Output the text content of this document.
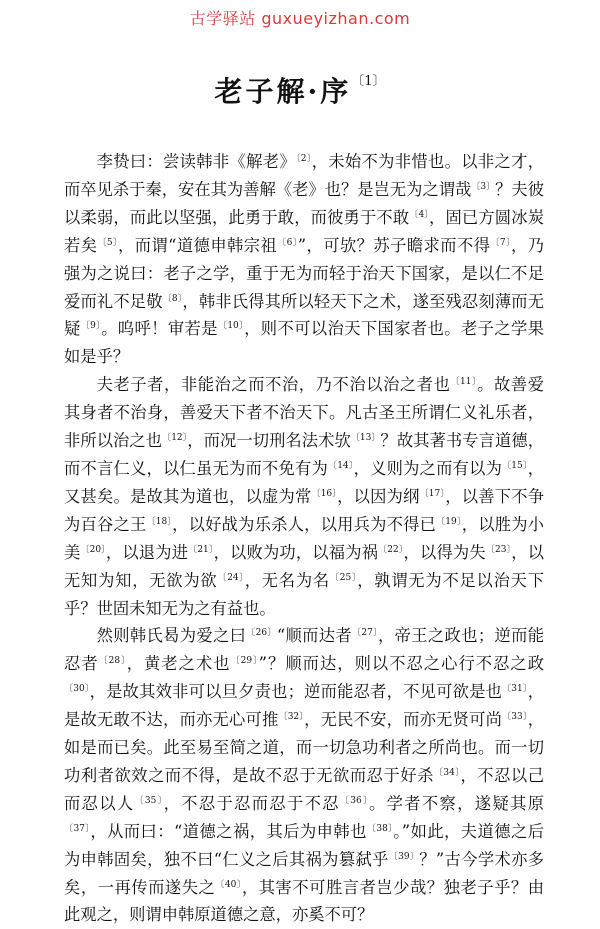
古学驿站 guxueyizhan.com
老子解·序$^{〔1〕}$

李贽曰：尝读韩非《解老》$^{〔2〕}$，未始不为非惜也。以非之才，而卒见杀于秦，安在其为善解《老》也？是岂无为之谓哉$^{〔3〕}$？夫彼以柔弱，而此以坚强，此勇于敢，而彼勇于不敢$^{〔4〕}$，固已方圆冰炭若矣$^{〔5〕}$，而谓“道德申韩宗祖$^{〔6〕}$”，可欤？苏子瞻求而不得$^{〔7〕}$，乃强为之说曰：老子之学，重于无为而轻于治天下国家，是以仁不足爱而礼不足敬$^{〔8〕}$，韩非氏得其所以轻天下之术，遂至残忍刻薄而无疑$^{〔9〕}$。呜呼！审若是$^{〔10〕}$，则不可以治天下国家者也。老子之学果如是乎？

夫老子者，非能治之而不治，乃不治以治之者也$^{〔11〕}$。故善爱其身者不治身，善爱天下者不治天下。凡古圣王所谓仁义礼乐者，非所以治之也$^{〔12〕}$，而况一切刑名法术欤$^{〔13〕}$？故其著书专言道德，而不言仁义，以仁虽无为而不免有为$^{〔14〕}$，义则为之而有以为$^{〔15〕}$，又甚矣。是故其为道也，以虚为常$^{〔16〕}$，以因为纲$^{〔17〕}$，以善下不争为百谷之王$^{〔18〕}$，以好战为乐杀人，以用兵为不得已$^{〔19〕}$，以胜为小美$^{〔20〕}$，以退为进$^{〔21〕}$，以败为功，以福为祸$^{〔22〕}$，以得为失$^{〔23〕}$，以无知为知，无欲为欲$^{〔24〕}$，无名为名$^{〔25〕}$，孰谓无为不足以治天下乎？世固未知无为之有益也。

然则韩氏曷为爱之曰$^{〔26〕}$“顺而达者$^{〔27〕}$，帝王之政也；逆而能忍者$^{〔28〕}$，黄老之术也$^{〔29〕}$”？顺而达，则以不忍之心行不忍之政$^{〔30〕}$，是故其效非可以旦夕责也；逆而能忍者，不见可欲是也$^{〔31〕}$，是故无敢不达，而亦无心可推$^{〔32〕}$，无民不安，而亦无贤可尚$^{〔33〕}$，如是而已矣。此至易至简之道，而一切急功利者之所尚也。而一切功利者欲效之而不得，是故不忍于无欲而忍于好杀$^{〔34〕}$，不忍以己而忍以人$^{〔35〕}$，不忍于忍而忍于不忍$^{〔36〕}$。学者不察，遂疑其原$^{〔37〕}$，从而曰：“道德之祸，其后为申韩也$^{〔38〕}$。”如此，夫道德之后为申韩固矣，独不曰“仁义之后其祸为篡弑乎$^{〔39〕}$？”古今学术亦多矣，一再传而遂失之$^{〔40〕}$，其害不可胜言者岂少哉？独老子乎？由此观之，则谓申韩原道德之意，亦奚不可？
